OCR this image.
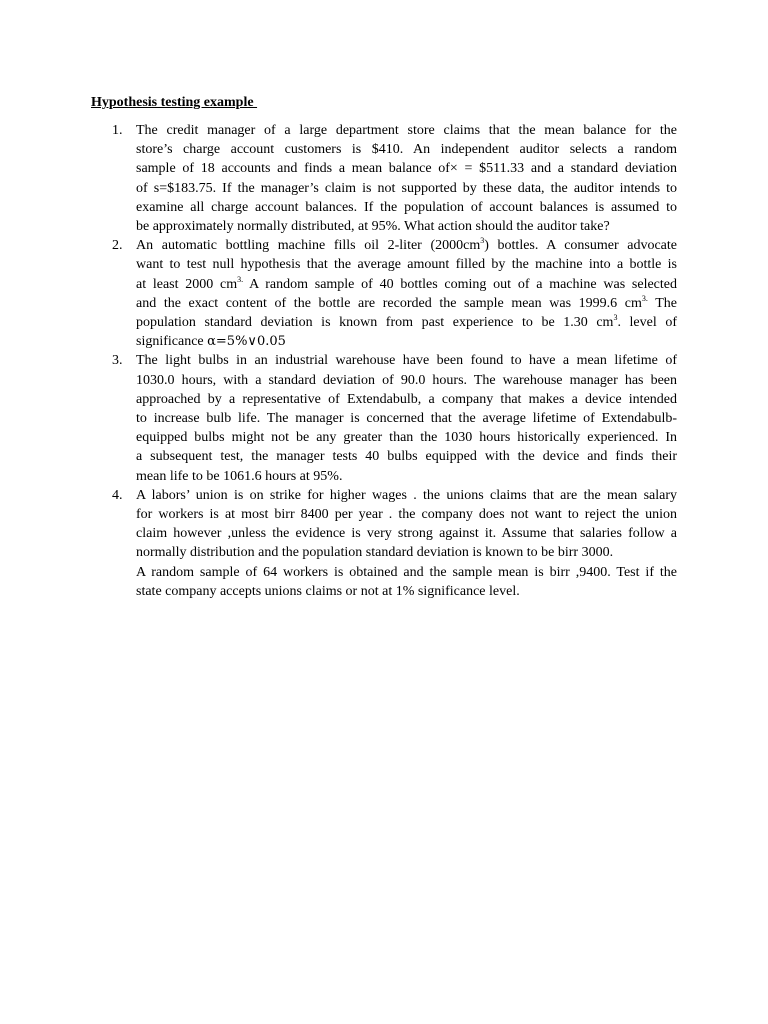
Hypothesis testing example
1. The credit manager of a large department store claims that the mean balance for the
store’s charge account customers is $410. An independent auditor selects a random
sample of 18 accounts and finds a mean balance of× = $511.33 and a standard deviation
of s=$183.75. If the manager’s claim is not supported by these data, the auditor intends to
examine all charge account balances. If the population of account balances is assumed to
be approximately normally distributed, at 95%. What action should the auditor take?
2. An automatic bottling machine fills oil 2-liter $(2000cm^3)$ bottles. A consumer advocate
want to test null hypothesis that the average amount filled by the machine into a bottle is
at least 2000 $cm^{3.}$ A random sample of 40 bottles coming out of a machine was selected
and the exact content of the bottle are recorded the sample mean was 1999.6 $cm^{3.}$ The
population standard deviation is known from past experience to be 1.30 $cm^3$. level of
significance α=5%∨0.05
3. The light bulbs in an industrial warehouse have been found to have a mean lifetime of
1030.0 hours, with a standard deviation of 90.0 hours. The warehouse manager has been
approached by a representative of Extendabulb, a company that makes a device intended
to increase bulb life. The manager is concerned that the average lifetime of Extendabulb-
equipped bulbs might not be any greater than the 1030 hours historically experienced. In
a subsequent test, the manager tests 40 bulbs equipped with the device and finds their
mean life to be 1061.6 hours at 95%.
4. A labors’ union is on strike for higher wages . the unions claims that are the mean salary
for workers is at most birr 8400 per year . the company does not want to reject the union
claim however ,unless the evidence is very strong against it. Assume that salaries follow a
normally distribution and the population standard deviation is known to be birr 3000.
A random sample of 64 workers is obtained and the sample mean is birr ,9400. Test if the
state company accepts unions claims or not at 1% significance level.
